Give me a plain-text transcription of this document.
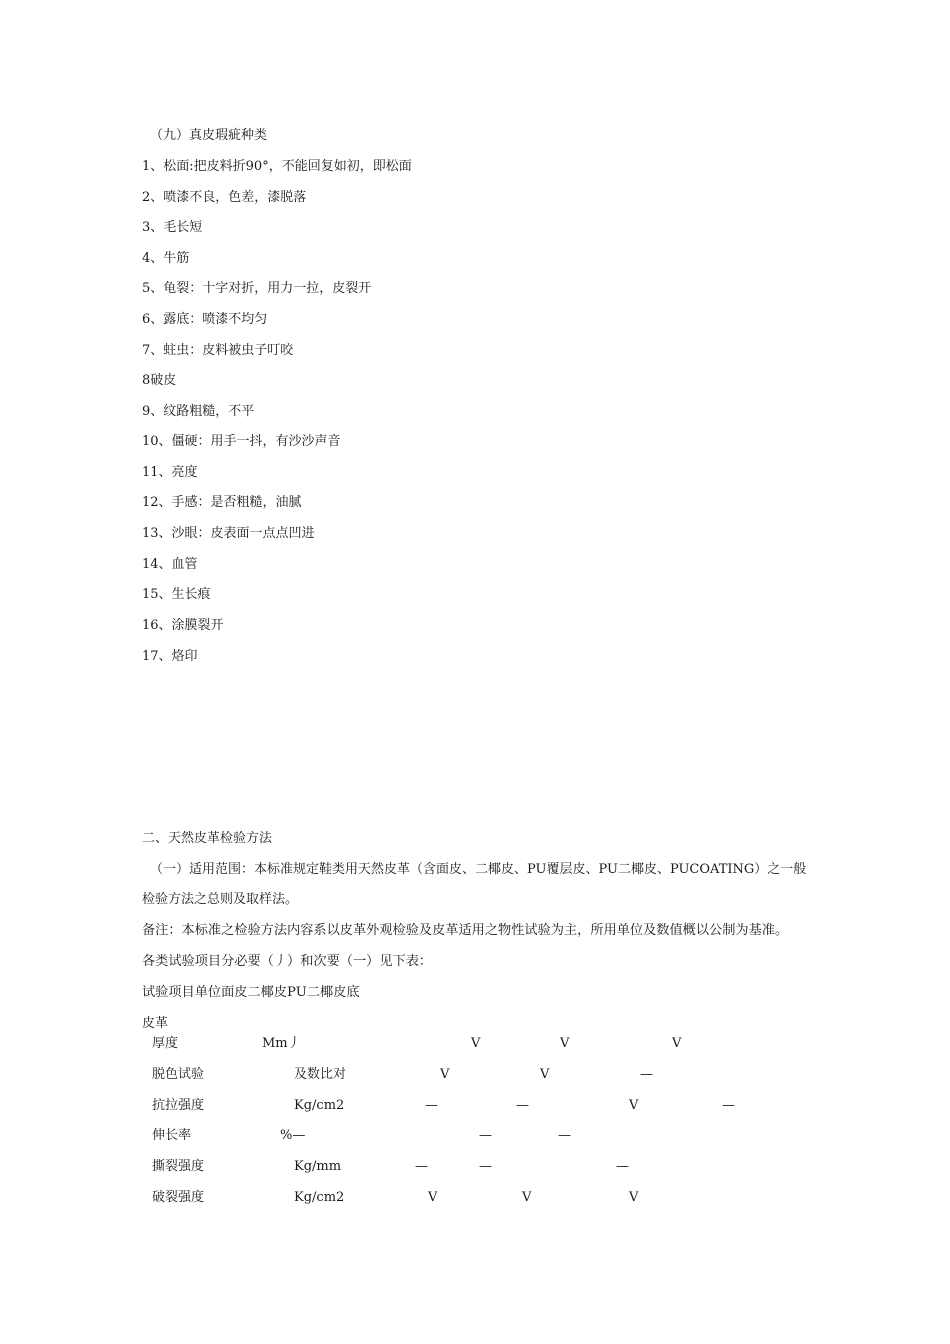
（九）真皮瑕疵种类
1、松面:把皮料折90°，不能回复如初，即松面
2、喷漆不良，色差，漆脱落
3、毛长短
4、牛筋
5、龟裂：十字对折，用力一拉，皮裂开
6、露底：喷漆不均匀
7、蛀虫：皮料被虫子叮咬
8破皮
9、纹路粗糙，不平
10、僵硬：用手一抖，有沙沙声音
11、亮度
12、手感：是否粗糙，油腻
13、沙眼：皮表面一点点凹进
14、血管
15、生长痕
16、涂膜裂开
17、烙印
二、天然皮革检验方法
（一）适用范围：本标准规定鞋类用天然皮革（含面皮、二椰皮、PU覆层皮、PU二椰皮、PUCOATING）之一般
检验方法之总则及取样法。
备注：本标准之检验方法内容系以皮革外观检验及皮革适用之物性试验为主，所用单位及数值概以公制为基准。
各类试验项目分必要（丿）和次要（一）见下表：
试验项目单位面皮二椰皮PU二椰皮底
皮革
厚度	Mm丿	V	V	V
脱色试验	及数比对	V	V	—
抗拉强度	Kg/cm2	—	—	V	—
伸长率	%—	—	—
撕裂强度	Kg/mm	—	—	—
破裂强度	Kg/cm2	V	V	V
